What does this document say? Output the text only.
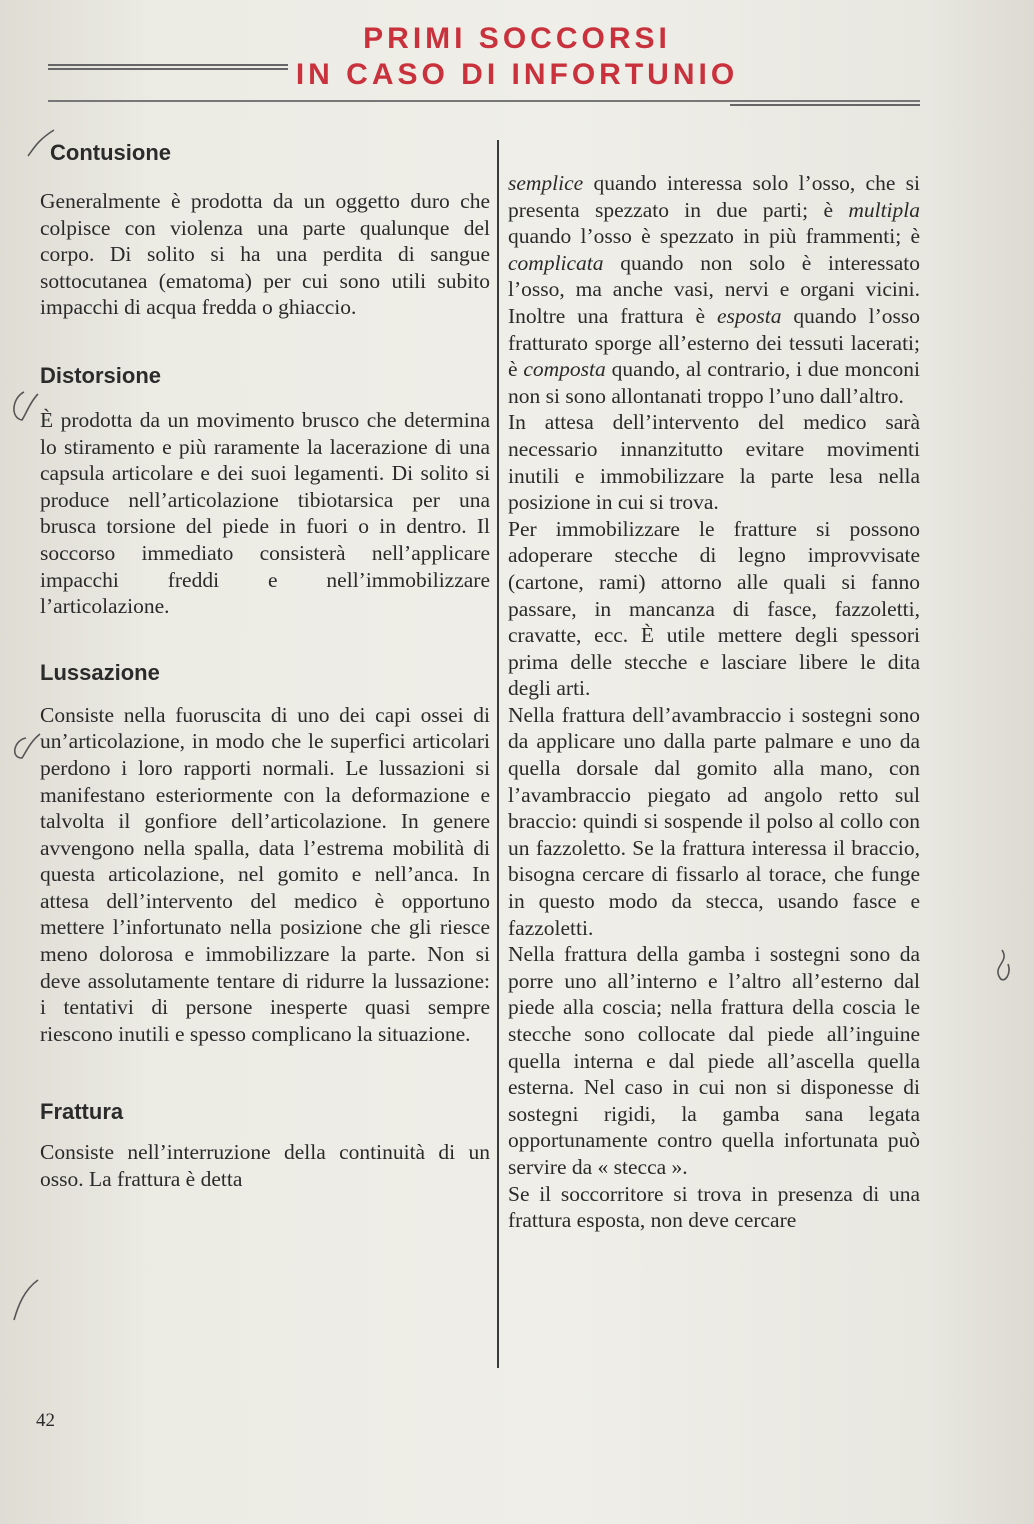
PRIMI SOCCORSI
IN CASO DI INFORTUNIO
Contusione

Generalmente è prodotta da un oggetto duro che colpisce con violenza una parte qualunque del corpo. Di solito si ha una perdita di sangue sottocutanea (ematoma) per cui sono utili subito impacchi di acqua fredda o ghiaccio.

Distorsione

È prodotta da un movimento brusco che determina lo stiramento e più raramente la lacerazione di una capsula articolare e dei suoi legamenti. Di solito si produce nell’articolazione tibiotarsica per una brusca torsione del piede in fuori o in dentro. Il soccorso immediato consisterà nell’applicare impacchi freddi e nell’immobilizzare l’articolazione.

Lussazione

Consiste nella fuoruscita di uno dei capi ossei di un’articolazione, in modo che le superfici articolari perdono i loro rapporti normali. Le lussazioni si manifestano esteriormente con la deformazione e talvolta il gonfiore dell’articolazione. In genere avvengono nella spalla, data l’estrema mobilità di questa articolazione, nel gomito e nell’anca. In attesa dell’intervento del medico è opportuno mettere l’infortunato nella posizione che gli riesce meno dolorosa e immobilizzare la parte. Non si deve assolutamente tentare di ridurre la lussazione: i tentativi di persone inesperte quasi sempre riescono inutili e spesso complicano la situazione.

Frattura

Consiste nell’interruzione della continuità di un osso. La frattura è detta

semplice quando interessa solo l’osso, che si presenta spezzato in due parti; è multipla quando l’osso è spezzato in più frammenti; è complicata quando non solo è interessato l’osso, ma anche vasi, nervi e organi vicini. Inoltre una frattura è esposta quando l’osso fratturato sporge all’esterno dei tessuti lacerati; è composta quando, al contrario, i due monconi non si sono allontanati troppo l’uno dall’altro.

In attesa dell’intervento del medico sarà necessario innanzitutto evitare movimenti inutili e immobilizzare la parte lesa nella posizione in cui si trova.

Per immobilizzare le fratture si possono adoperare stecche di legno improvvisate (cartone, rami) attorno alle quali si fanno passare, in mancanza di fasce, fazzoletti, cravatte, ecc. È utile mettere degli spessori prima delle stecche e lasciare libere le dita degli arti.

Nella frattura dell’avambraccio i sostegni sono da applicare uno dalla parte palmare e uno da quella dorsale dal gomito alla mano, con l’avambraccio piegato ad angolo retto sul braccio: quindi si sospende il polso al collo con un fazzoletto. Se la frattura interessa il braccio, bisogna cercare di fissarlo al torace, che funge in questo modo da stecca, usando fasce e fazzoletti.

Nella frattura della gamba i sostegni sono da porre uno all’interno e l’altro all’esterno dal piede alla coscia; nella frattura della coscia le stecche sono collocate dal piede all’inguine quella interna e dal piede all’ascella quella esterna. Nel caso in cui non si disponesse di sostegni rigidi, la gamba sana legata opportunamente contro quella infortunata può servire da « stecca ».

Se il soccorritore si trova in presenza di una frattura esposta, non deve cercare

42
